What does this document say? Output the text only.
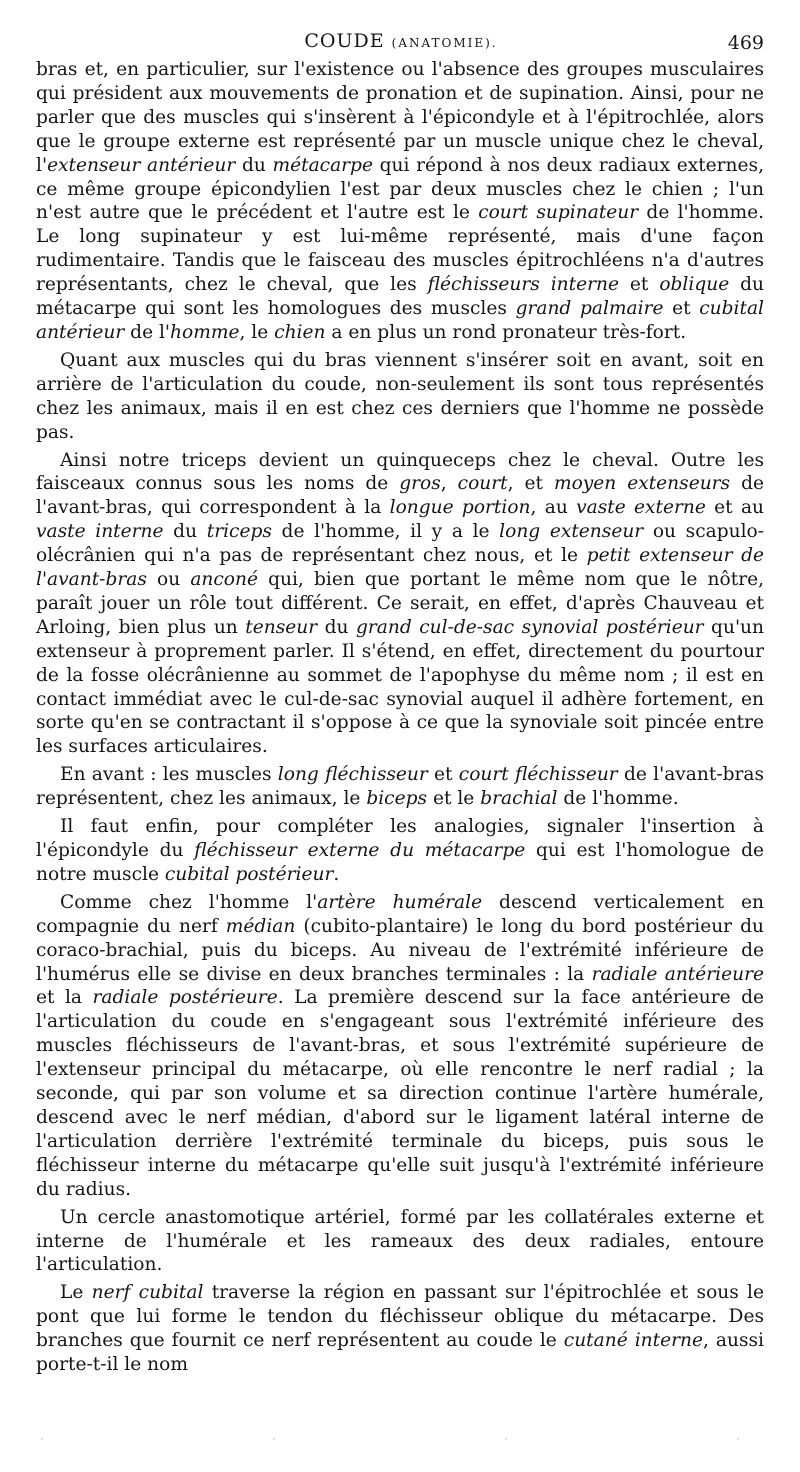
COUDE (ANATOMIE).	469

bras et, en particulier, sur l'existence ou l'absence des groupes musculaires qui président aux mouvements de pronation et de supination. Ainsi, pour ne parler que des muscles qui s'insèrent à l'épicondyle et à l'épitrochlée, alors que le groupe externe est représenté par un muscle unique chez le cheval, l'extenseur antérieur du métacarpe qui répond à nos deux radiaux externes, ce même groupe épicondylien l'est par deux muscles chez le chien ; l'un n'est autre que le précédent et l'autre est le court supinateur de l'homme. Le long supinateur y est lui-même représenté, mais d'une façon rudimentaire. Tandis que le faisceau des muscles épitrochléens n'a d'autres représentants, chez le cheval, que les fléchisseurs interne et oblique du métacarpe qui sont les homologues des muscles grand palmaire et cubital antérieur de l'homme, le chien a en plus un rond pronateur très-fort.

Quant aux muscles qui du bras viennent s'insérer soit en avant, soit en arrière de l'articulation du coude, non-seulement ils sont tous représentés chez les animaux, mais il en est chez ces derniers que l'homme ne possède pas.

Ainsi notre triceps devient un quinqueceps chez le cheval. Outre les faisceaux connus sous les noms de gros, court, et moyen extenseurs de l'avant-bras, qui correspondent à la longue portion, au vaste externe et au vaste interne du triceps de l'homme, il y a le long extenseur ou scapulo-olécrânien qui n'a pas de représentant chez nous, et le petit extenseur de l'avant-bras ou anconé qui, bien que portant le même nom que le nôtre, paraît jouer un rôle tout différent. Ce serait, en effet, d'après Chauveau et Arloing, bien plus un tenseur du grand cul-de-sac synovial postérieur qu'un extenseur à proprement parler. Il s'étend, en effet, directement du pourtour de la fosse olécrânienne au sommet de l'apophyse du même nom ; il est en contact immédiat avec le cul-de-sac synovial auquel il adhère fortement, en sorte qu'en se contractant il s'oppose à ce que la synoviale soit pincée entre les surfaces articulaires.

En avant : les muscles long fléchisseur et court fléchisseur de l'avant-bras représentent, chez les animaux, le biceps et le brachial de l'homme.

Il faut enfin, pour compléter les analogies, signaler l'insertion à l'épicondyle du fléchisseur externe du métacarpe qui est l'homologue de notre muscle cubital postérieur.

Comme chez l'homme l'artère humérale descend verticalement en compagnie du nerf médian (cubito-plantaire) le long du bord postérieur du coraco-brachial, puis du biceps. Au niveau de l'extrémité inférieure de l'humérus elle se divise en deux branches terminales : la radiale antérieure et la radiale postérieure. La première descend sur la face antérieure de l'articulation du coude en s'engageant sous l'extrémité inférieure des muscles fléchisseurs de l'avant-bras, et sous l'extrémité supérieure de l'extenseur principal du métacarpe, où elle rencontre le nerf radial ; la seconde, qui par son volume et sa direction continue l'artère humérale, descend avec le nerf médian, d'abord sur le ligament latéral interne de l'articulation derrière l'extrémité terminale du biceps, puis sous le fléchisseur interne du métacarpe qu'elle suit jusqu'à l'extrémité inférieure du radius.

Un cercle anastomotique artériel, formé par les collatérales externe et interne de l'humérale et les rameaux des deux radiales, entoure l'articulation.

Le nerf cubital traverse la région en passant sur l'épitrochlée et sous le pont que lui forme le tendon du fléchisseur oblique du métacarpe. Des branches que fournit ce nerf représentent au coude le cutané interne, aussi porte-t-il le nom

·	·	·	·
